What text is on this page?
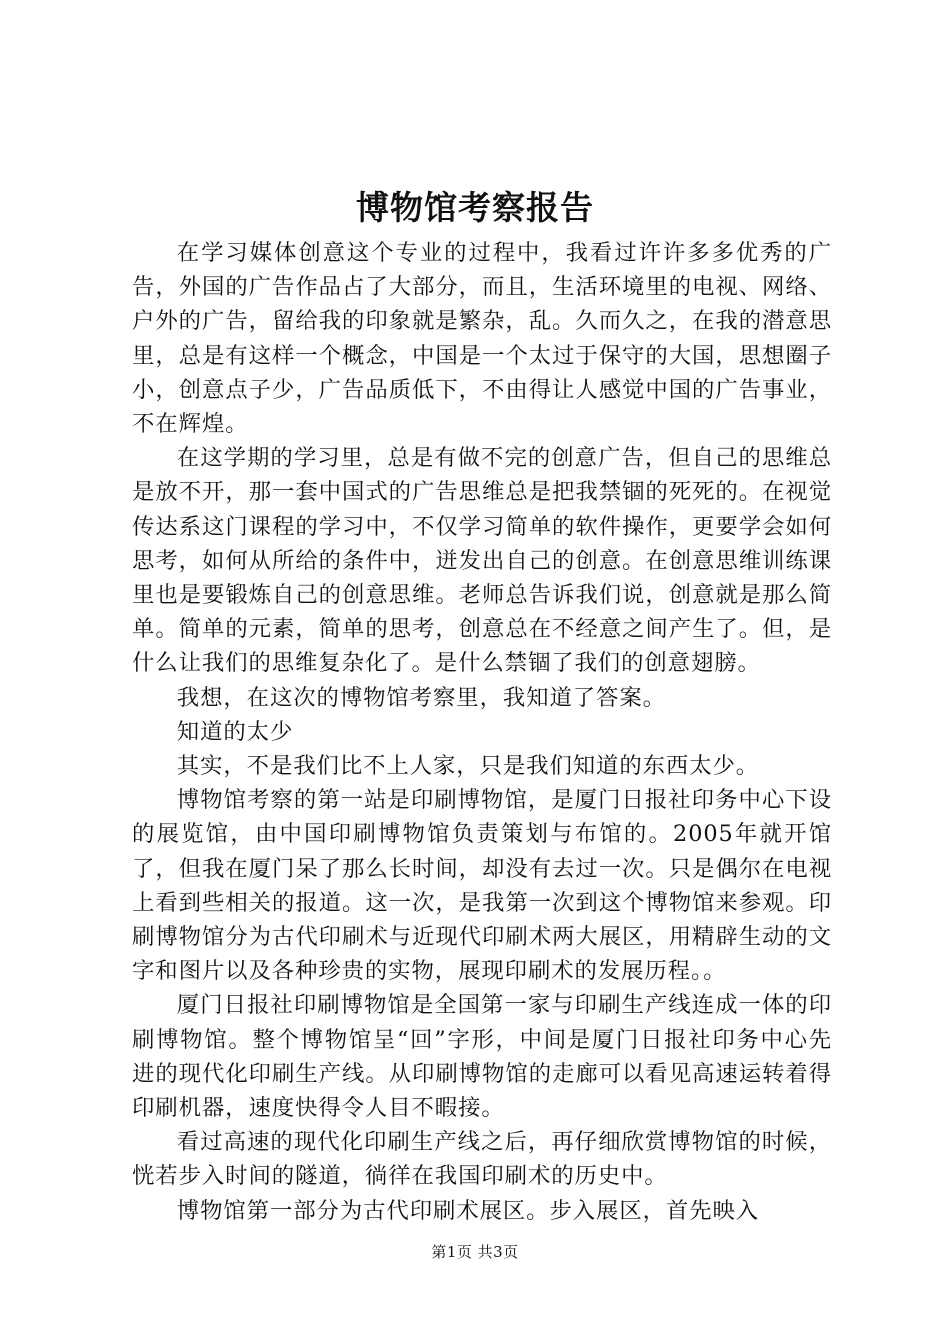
博物馆考察报告

在学习媒体创意这个专业的过程中，我看过许许多多优秀的广告，外国的广告作品占了大部分，而且，生活环境里的电视、网络、户外的广告，留给我的印象就是繁杂，乱。久而久之，在我的潜意思里，总是有这样一个概念，中国是一个太过于保守的大国，思想圈子小，创意点子少，广告品质低下，不由得让人感觉中国的广告事业，不在辉煌。

在这学期的学习里，总是有做不完的创意广告，但自己的思维总是放不开，那一套中国式的广告思维总是把我禁锢的死死的。在视觉传达系这门课程的学习中，不仅学习简单的软件操作，更要学会如何思考，如何从所给的条件中，迸发出自己的创意。在创意思维训练课里也是要锻炼自己的创意思维。老师总告诉我们说，创意就是那么简单。简单的元素，简单的思考，创意总在不经意之间产生了。但，是什么让我们的思维复杂化了。是什么禁锢了我们的创意翅膀。

我想，在这次的博物馆考察里，我知道了答案。

知道的太少

其实，不是我们比不上人家，只是我们知道的东西太少。

博物馆考察的第一站是印刷博物馆，是厦门日报社印务中心下设的展览馆，由中国印刷博物馆负责策划与布馆的。2005年就开馆了，但我在厦门呆了那么长时间，却没有去过一次。只是偶尔在电视上看到些相关的报道。这一次，是我第一次到这个博物馆来参观。印刷博物馆分为古代印刷术与近现代印刷术两大展区，用精辟生动的文字和图片以及各种珍贵的实物，展现印刷术的发展历程。。

厦门日报社印刷博物馆是全国第一家与印刷生产线连成一体的印刷博物馆。整个博物馆呈“回”字形，中间是厦门日报社印务中心先进的现代化印刷生产线。从印刷博物馆的走廊可以看见高速运转着得印刷机器，速度快得令人目不暇接。

看过高速的现代化印刷生产线之后，再仔细欣赏博物馆的时候，恍若步入时间的隧道，徜徉在我国印刷术的历史中。

博物馆第一部分为古代印刷术展区。步入展区，首先映入

第1页 共3页
